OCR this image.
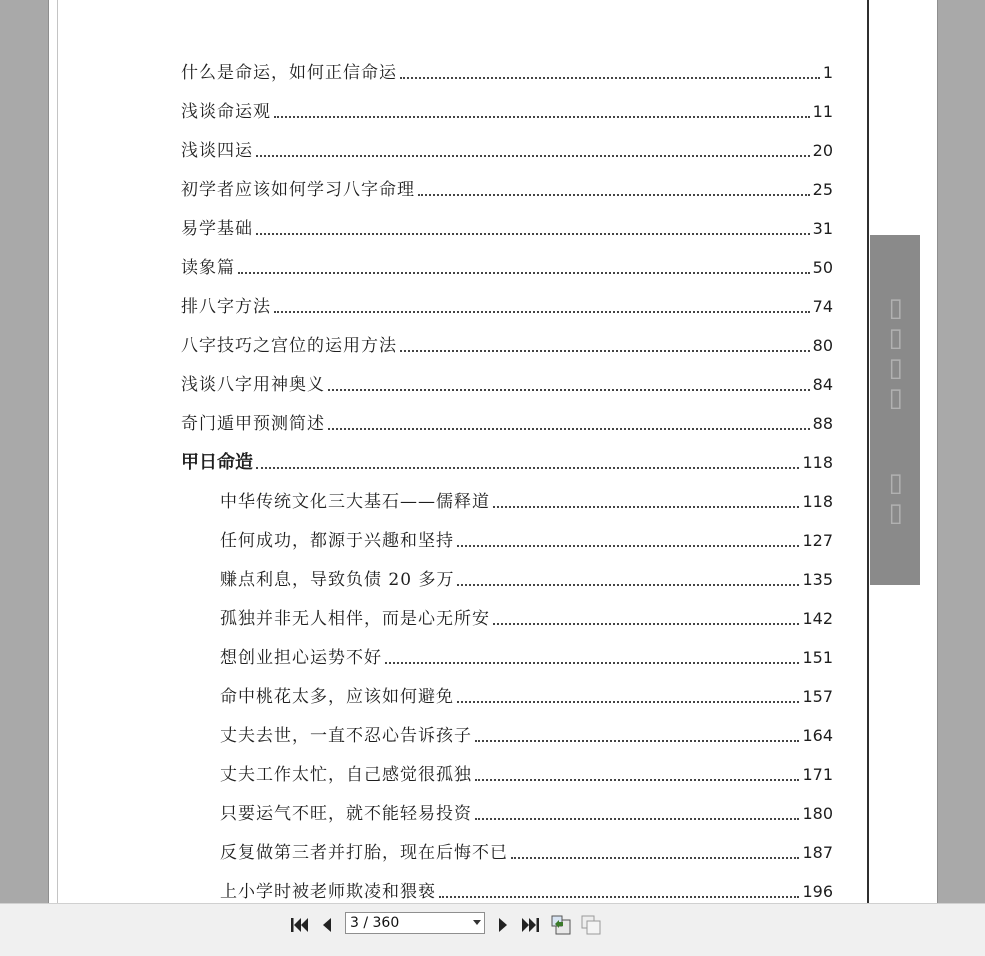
▯▯▯▯
▯▯
什么是命运，如何正信命运	1
浅谈命运观	11
浅谈四运	20
初学者应该如何学习八字命理	25
易学基础	31
读象篇	50
排八字方法	74
八字技巧之宫位的运用方法	80
浅谈八字用神奥义	84
奇门遁甲预测简述	88
甲日命造	118
中华传统文化三大基石——儒释道	118
任何成功，都源于兴趣和坚持	127
赚点利息，导致负债 20 多万	135
孤独并非无人相伴，而是心无所安	142
想创业担心运势不好	151
命中桃花太多，应该如何避免	157
丈夫去世，一直不忍心告诉孩子	164
丈夫工作太忙，自己感觉很孤独	171
只要运气不旺，就不能轻易投资	180
反复做第三者并打胎，现在后悔不已	187
上小学时被老师欺凌和猥亵	196
3 / 360
